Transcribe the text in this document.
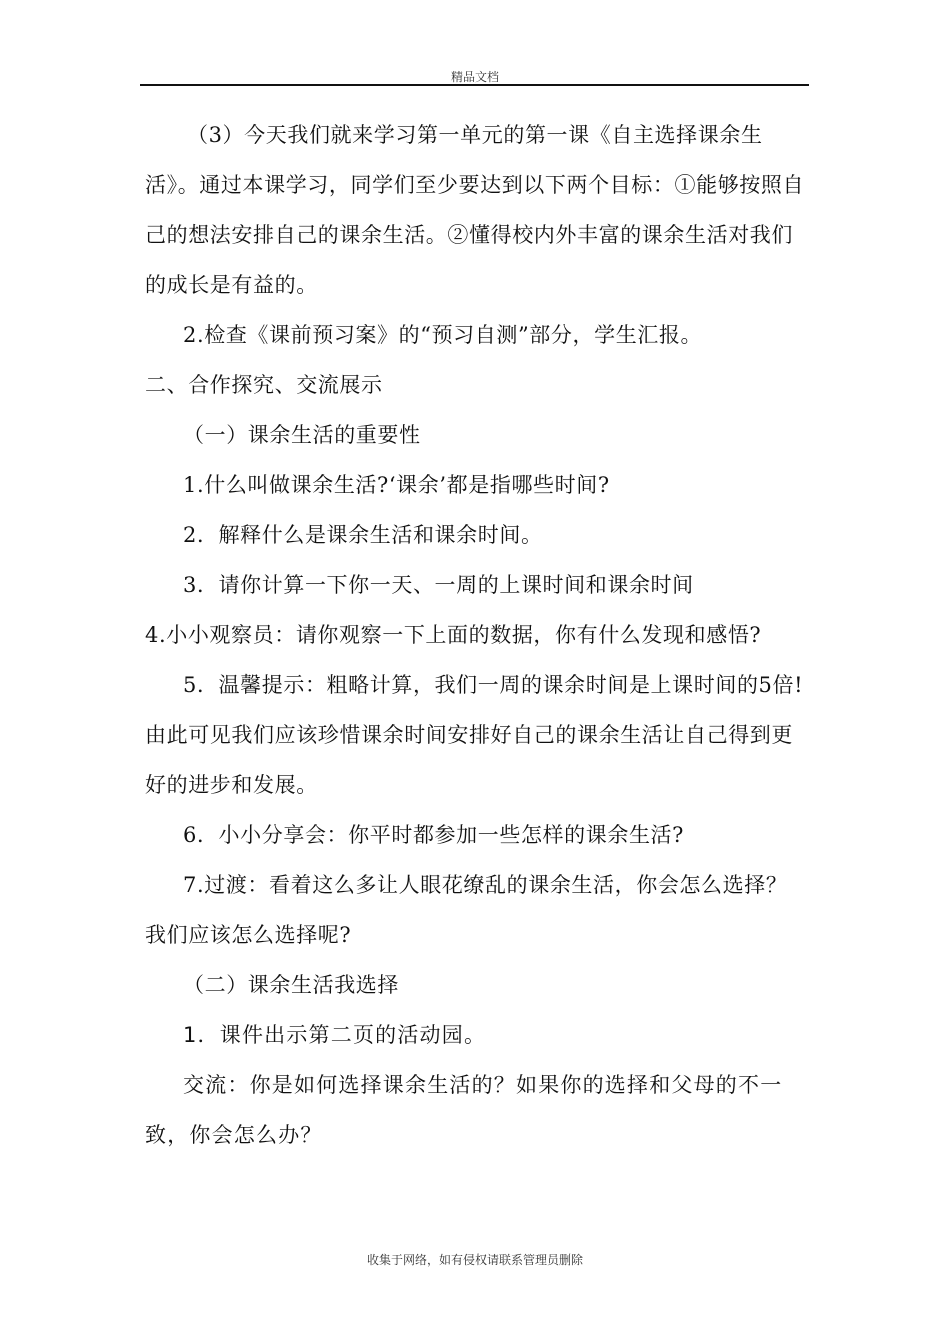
精品文档

（3）今天我们就来学习第一单元的第一课《自主选择课余生活》。通过本课学习，同学们至少要达到以下两个目标：①能够按照自己的想法安排自己的课余生活。②懂得校内外丰富的课余生活对我们的成长是有益的。

2.检查《课前预习案》的“预习自测”部分，学生汇报。

二、合作探究、交流展示

（一）课余生活的重要性

1.什么叫做课余生活?‘课余’都是指哪些时间?

2．解释什么是课余生活和课余时间。

3．请你计算一下你一天、一周的上课时间和课余时间

4.小小观察员：请你观察一下上面的数据，你有什么发现和感悟?

5．温馨提示：粗略计算，我们一周的课余时间是上课时间的5倍!由此可见我们应该珍惜课余时间安排好自己的课余生活让自己得到更好的进步和发展。

6．小小分享会：你平时都参加一些怎样的课余生活?

7.过渡：看着这么多让人眼花缭乱的课余生活，你会怎么选择？我们应该怎么选择呢?

（二）课余生活我选择

1．课件出示第二页的活动园。

交流：你是如何选择课余生活的？如果你的选择和父母的不一致，你会怎么办？

收集于网络，如有侵权请联系管理员删除
